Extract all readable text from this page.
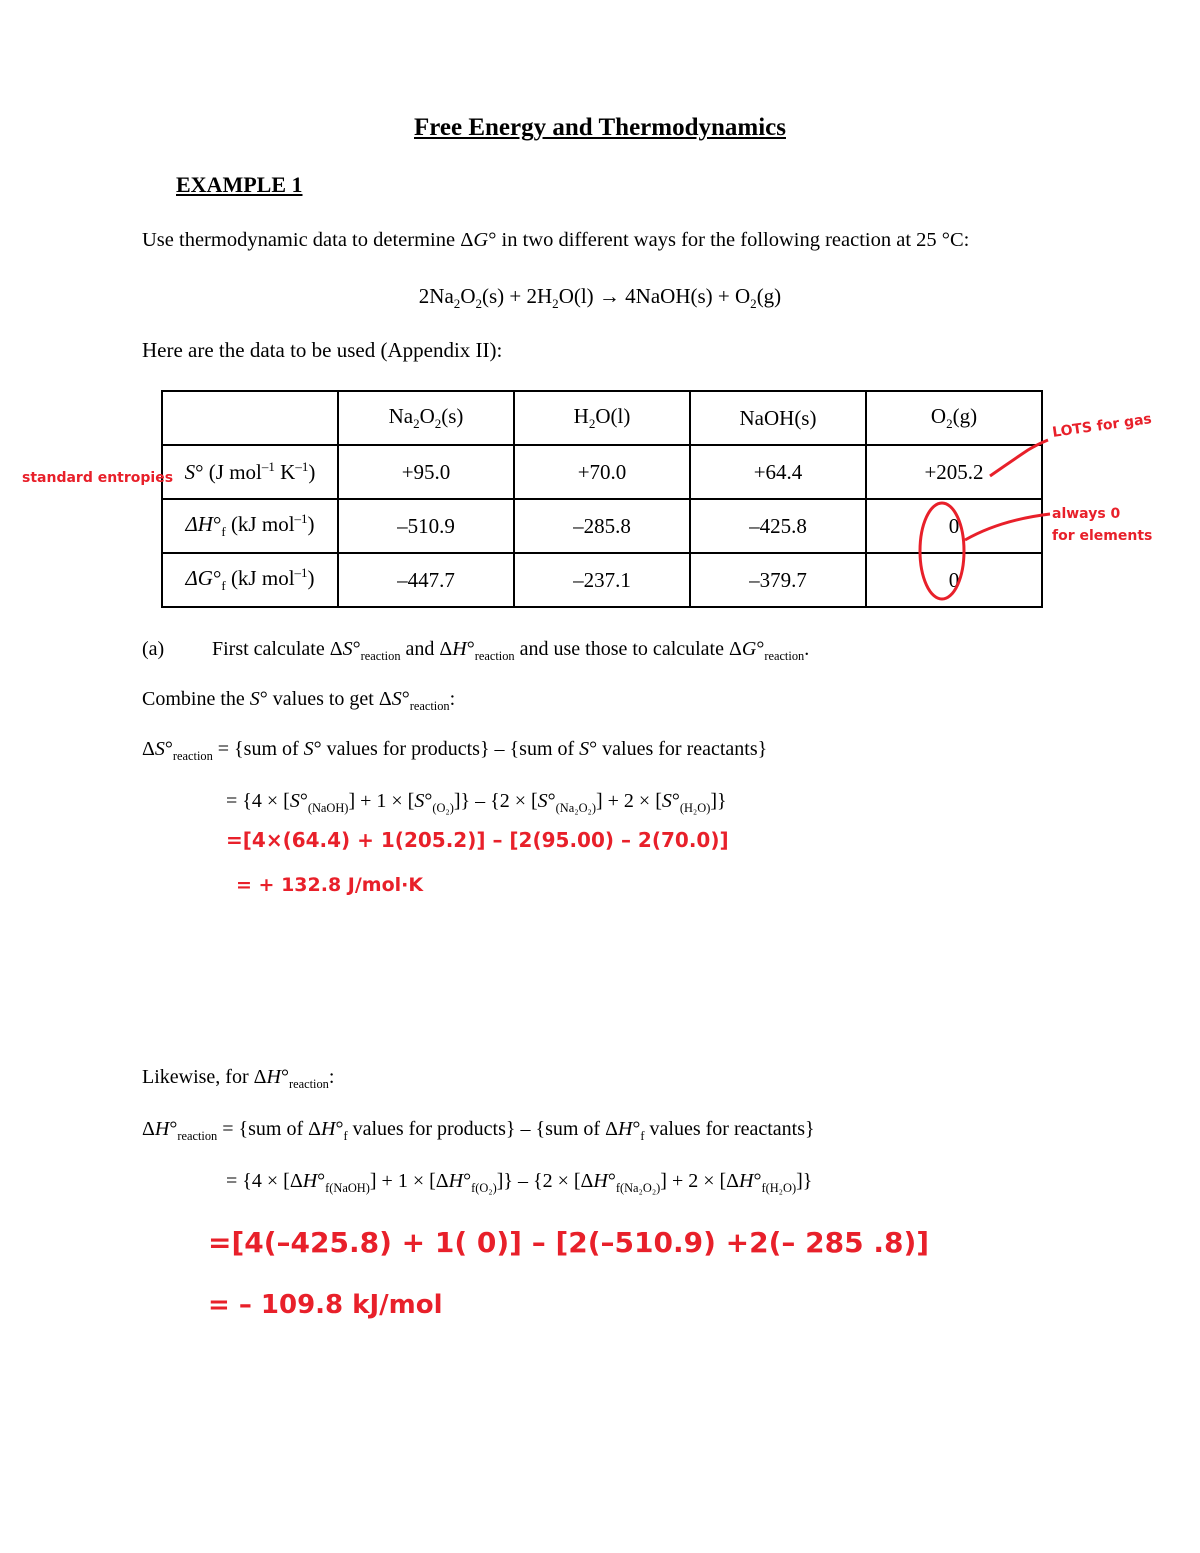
Free Energy and Thermodynamics
EXAMPLE 1
Use thermodynamic data to determine ΔG° in two different ways for the following reaction at 25 °C:
$2Na_2O_2(s) + 2H_2O(l)$ → 4NaOH(s) + $O_2(g)$
Here are the data to be used (Appendix II):
	$Na_2O_2(s)$	$H_2O(l)$	NaOH(s)	$O_2(g)$
S° (J mol$^{-1}$ $K^{-1}$)	+95.0	+70.0	+64.4	+205.2
$\Delta H^\circ_f$ (kJ mol$^{-1}$)	–510.9	–285.8	–425.8	0
$\Delta G^\circ_f$ (kJ mol$^{-1}$)	–447.7	–237.1	–379.7	0
standard entropies
LOTS for gas
always 0
for elements
(a) First calculate $\Delta S^\circ_{reaction}$ and $\Delta H^\circ_{reaction}$ and use those to calculate $\Delta G^\circ_{reaction}$.
Combine the S° values to get $\Delta S^\circ_{reaction}$:
$\Delta S^\circ_{reaction} = \{sum$ of S° values for products} – {sum of S° values for reactants}
= $\{4 \times [S^\circ_{(NaOH)}] + 1 \times [S^\circ_{(O_2)}]\} - \{2 \times [S^\circ_{(Na_2O_2)}] + 2 \times [S^\circ_{(H_2O)}]\}$
=[4×(64.4) + 1(205.2)] – [2(95.00) – 2(70.0)]
= + 132.8 J/mol·K
Likewise, for $\Delta H^\circ_{reaction}$:
$\Delta H^\circ_{reaction} = \{sum$ of $\Delta H^\circ_f$ values for products} – {sum of $\Delta H^\circ_f$ values for reactants}
= $\{4 \times [\Delta H^\circ_{f(NaOH)}] + 1 \times [\Delta H^\circ_{f(O_2)}]\} - \{2 \times [\Delta H^\circ_{f(Na_2O_2)}] + 2 \times [\Delta H^\circ_{f(H_2O)}]\}$
=[4(–425.8) + 1( 0)] – [2(–510.9) +2(– 285 .8)]
= – 109.8 kJ/mol
